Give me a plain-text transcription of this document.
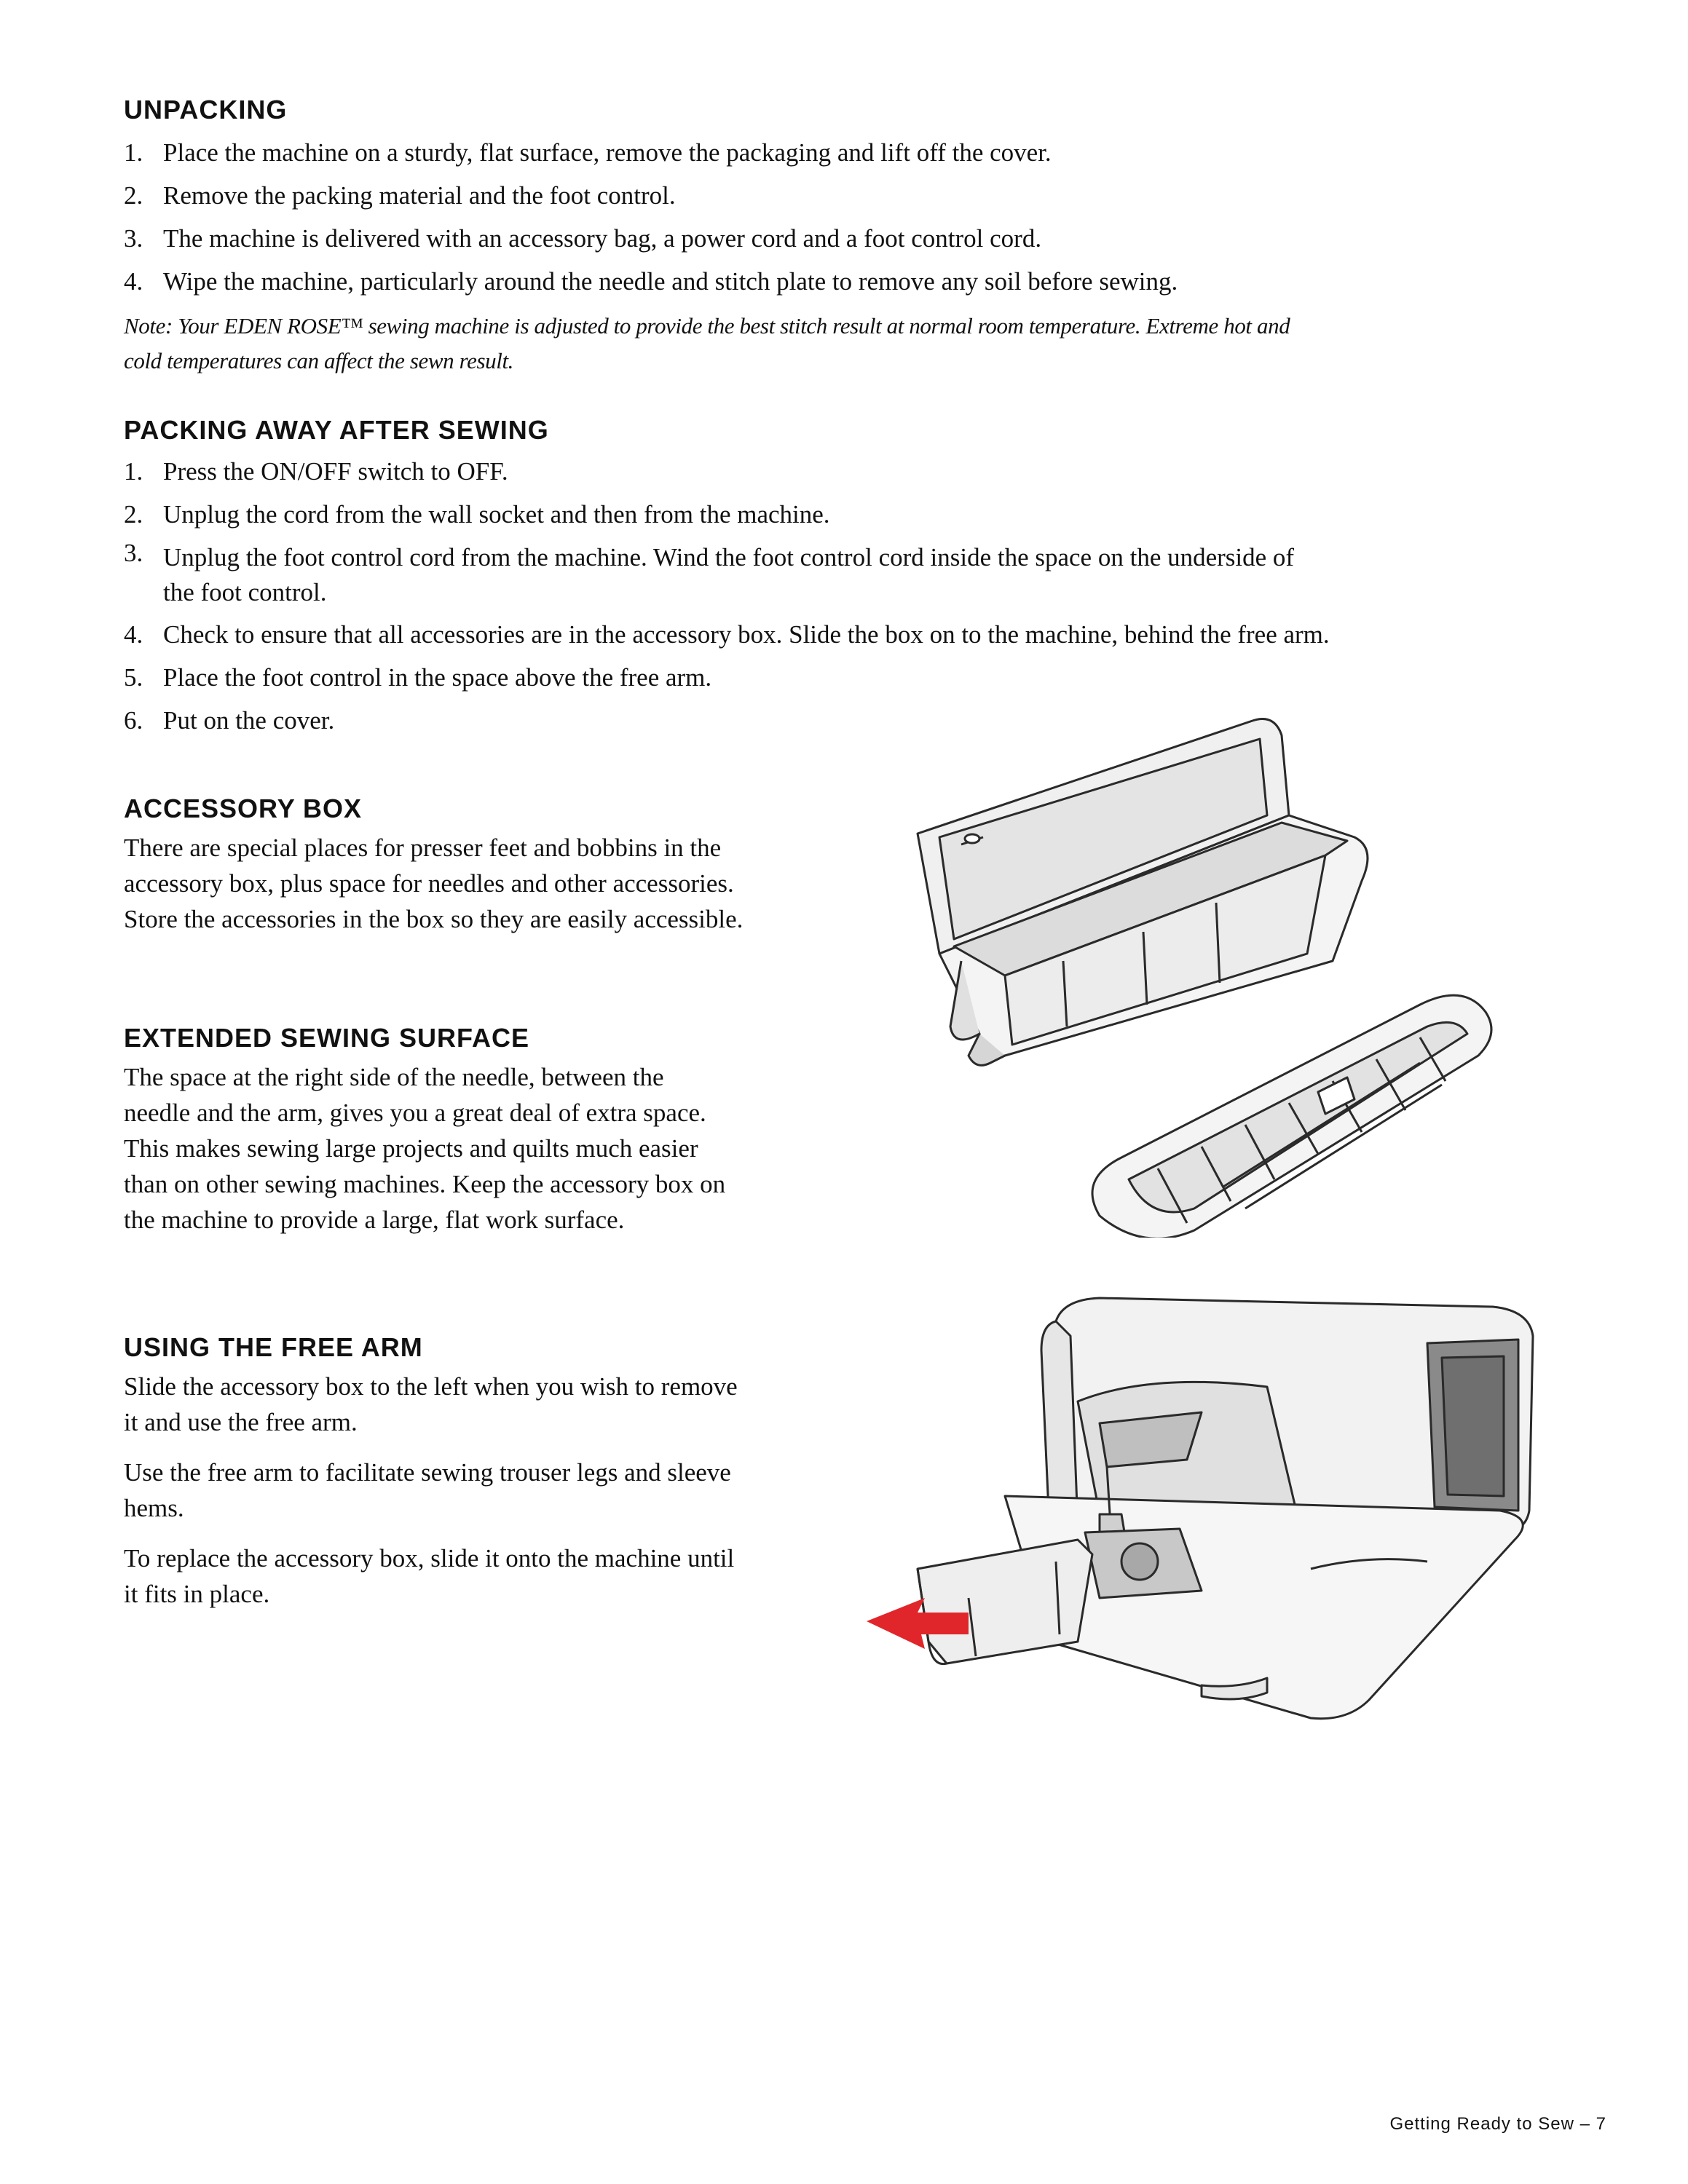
UNPACKING
1. Place the machine on a sturdy, flat surface, remove the packaging and lift off the cover.
2. Remove the packing material and the foot control.
3. The machine is delivered with an accessory bag, a power cord and a foot control cord.
4. Wipe the machine, particularly around the needle and stitch plate to remove any soil before sewing.
Note: Your EDEN ROSE™ sewing machine is adjusted to provide the best stitch result at normal room temperature. Extreme hot and
cold temperatures can affect the sewn result.
PACKING AWAY AFTER SEWING
1. Press the ON/OFF switch to OFF.
2. Unplug the cord from the wall socket and then from the machine.
3. Unplug the foot control cord from the machine. Wind the foot control cord inside the space on the underside of
the foot control.
4. Check to ensure that all accessories are in the accessory box. Slide the box on to the machine, behind the free arm.
5. Place the foot control in the space above the free arm.
6. Put on the cover.
ACCESSORY BOX
There are special places for presser feet and bobbins in the
accessory box, plus space for needles and other accessories.
Store the accessories in the box so they are easily accessible.
EXTENDED SEWING SURFACE
The space at the right side of the needle, between the
needle and the arm, gives you a great deal of extra space.
This makes sewing large projects and quilts much easier
than on other sewing machines. Keep the accessory box on
the machine to provide a large, flat work surface.
USING THE FREE ARM
Slide the accessory box to the left when you wish to remove
it and use the free arm.
Use the free arm to facilitate sewing trouser legs and sleeve
hems.
To replace the accessory box, slide it onto the machine until
it fits in place.
Getting Ready to Sew – 7
